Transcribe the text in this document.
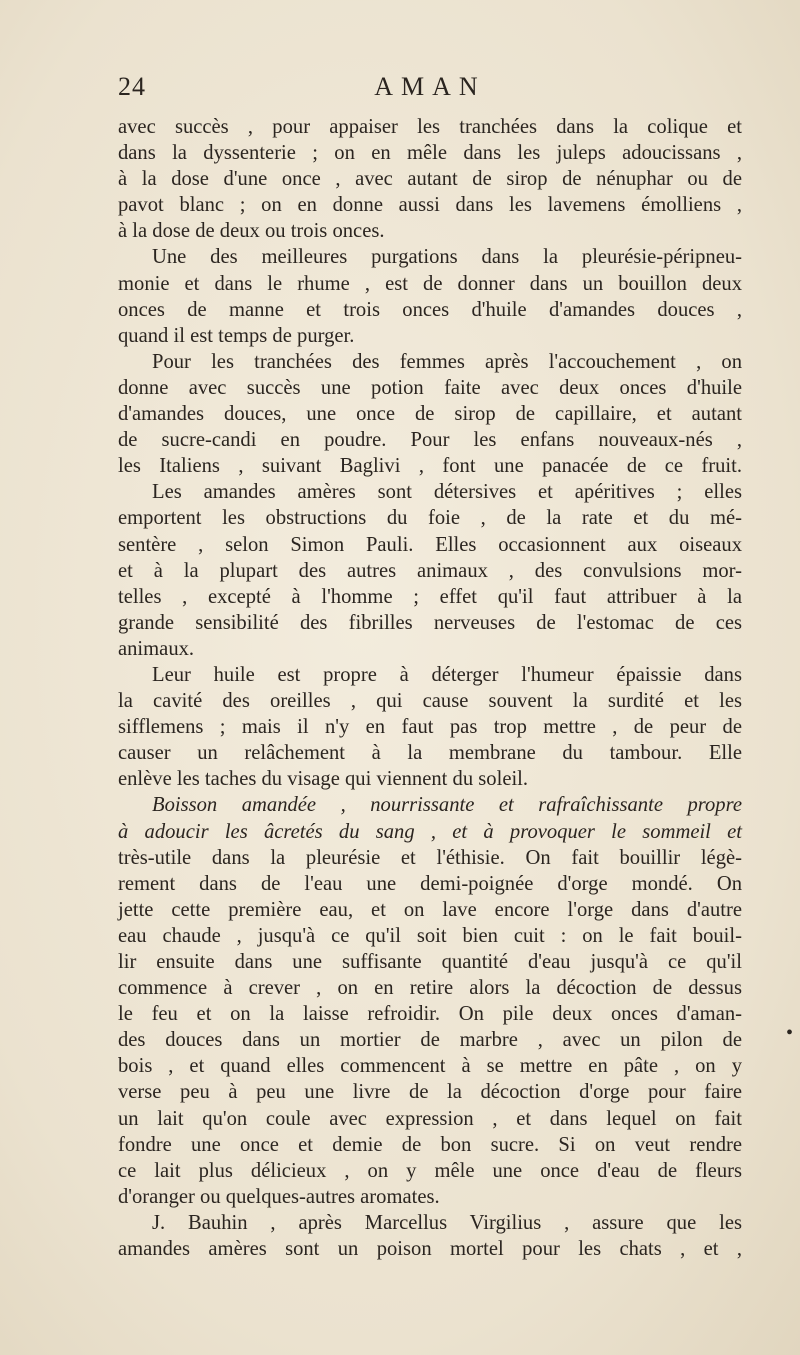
24	AMAN
avec succès , pour appaiser les tranchées dans la colique et
dans la dyssenterie ; on en mêle dans les juleps adoucissans ,
à la dose d'une once , avec autant de sirop de nénuphar ou de
pavot blanc ; on en donne aussi dans les lavemens émolliens ,
à la dose de deux ou trois onces.
Une des meilleures purgations dans la pleurésie-péripneu-
monie et dans le rhume , est de donner dans un bouillon deux
onces de manne et trois onces d'huile d'amandes douces ,
quand il est temps de purger.
Pour les tranchées des femmes après l'accouchement , on
donne avec succès une potion faite avec deux onces d'huile
d'amandes douces, une once de sirop de capillaire, et autant
de sucre-candi en poudre. Pour les enfans nouveaux-nés ,
les Italiens , suivant Baglivi , font une panacée de ce fruit.
Les amandes amères sont détersives et apéritives ; elles
emportent les obstructions du foie , de la rate et du mé-
sentère , selon Simon Pauli. Elles occasionnent aux oiseaux
et à la plupart des autres animaux , des convulsions mor-
telles , excepté à l'homme ; effet qu'il faut attribuer à la
grande sensibilité des fibrilles nerveuses de l'estomac de ces
animaux.
Leur huile est propre à déterger l'humeur épaissie dans
la cavité des oreilles , qui cause souvent la surdité et les
sifflemens ; mais il n'y en faut pas trop mettre , de peur de
causer un relâchement à la membrane du tambour. Elle
enlève les taches du visage qui viennent du soleil.
Boisson amandée , nourrissante et rafraîchissante propre
à adoucir les âcretés du sang , et à provoquer le sommeil et
très-utile dans la pleurésie et l'éthisie. On fait bouillir légè-
rement dans de l'eau une demi-poignée d'orge mondé. On
jette cette première eau, et on lave encore l'orge dans d'autre
eau chaude , jusqu'à ce qu'il soit bien cuit : on le fait bouil-
lir ensuite dans une suffisante quantité d'eau jusqu'à ce qu'il
commence à crever , on en retire alors la décoction de dessus
le feu et on la laisse refroidir. On pile deux onces d'aman-
des douces dans un mortier de marbre , avec un pilon de
bois , et quand elles commencent à se mettre en pâte , on y
verse peu à peu une livre de la décoction d'orge pour faire
un lait qu'on coule avec expression , et dans lequel on fait
fondre une once et demie de bon sucre. Si on veut rendre
ce lait plus délicieux , on y mêle une once d'eau de fleurs
d'oranger ou quelques-autres aromates.
J. Bauhin , après Marcellus Virgilius , assure que les
amandes amères sont un poison mortel pour les chats , et ,
•
